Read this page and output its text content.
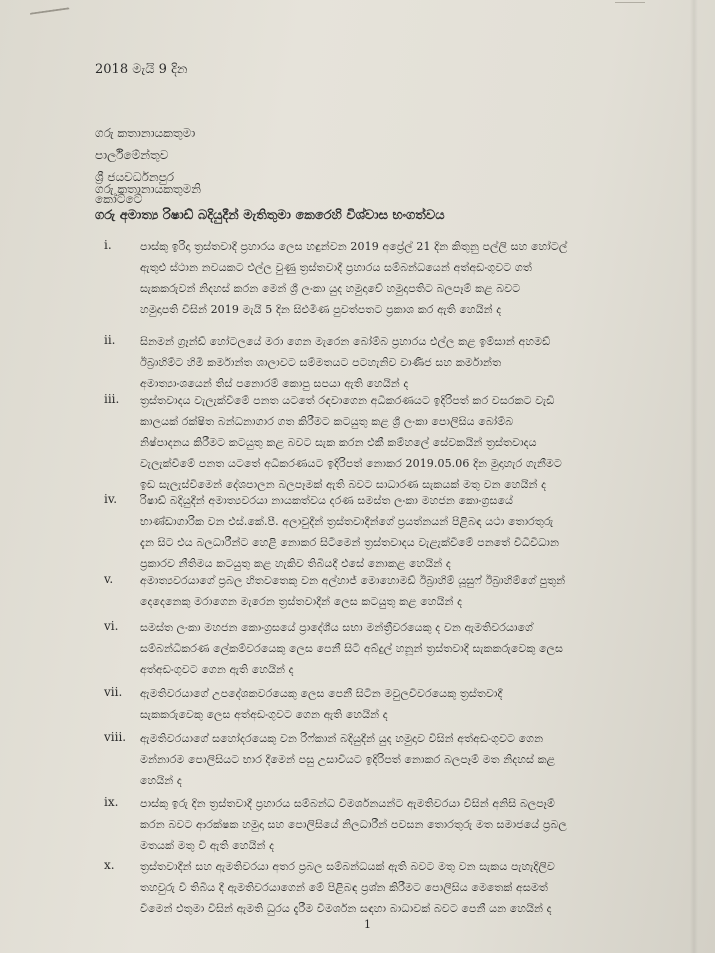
2018 මැයි 9 දින
ගරු කතානායකතුමා
පාර්ලිමේන්තුව
ශ්‍රී ජයවර්ධනපුර
කෝට්ටේ
ගරු කතානායකතුමනි
ගරු අමාත්‍ය රිෂාඩ් බදියුදීන් මැතිතුමා කෙරෙහි විශ්වාස භංගත්වය
i.	පාස්කු ඉරිදා ත්‍රස්තවාදී ප්‍රහාරය ලෙස හඳුන්වන 2019 අප්‍රේල් 21 දින කිතුනු පල්ලි සහ හෝටල්
ඇතුළු ස්ථාන නවයකට එල්ල වුණු ත්‍රස්තවාදී ප්‍රහාරය සම්බන්ධයෙන් අත්අඩංගුවට ගත්
සැකකරුවන් නිදහස් කරන මෙන් ශ්‍රී ලංකා යුද හමුදාවේ හමුදාපතිට බලපෑම් කළ බවට
හමුදාපති විසින් 2019 මැයි 5 දින සිළුමිණ පුවත්පතට ප්‍රකාශ කර ඇති හෙයින් ද
ii.	සිනමන් ග්‍රෑන්ඩ් හෝටලයේ මරා ගෙන මැරෙන බෝම්බ ප්‍රහාරය එල්ල කළ ඉම්සාන් අහමඩ්
ඊබ්‍රාහිම්ට හිමි කර්මාන්ත ශාලාවට සම්මතයට පටහැනිව වාණිජ සහ කර්මාන්ත
අමාත්‍යාංශයෙන් තිස් පනොරම් කොපු සපයා ඇති හෙයින් ද
iii.	ත්‍රස්තවාදය වැලැක්වීමේ පනත යටතේ රඳවාගෙන අධිකරණයට ඉදිරිපත් කර වසරකට වැඩි
කාලයක් රක්ෂිත බන්ධනාගාර ගත කිරීමට කටයුතු කළ ශ්‍රී ලංකා පොලිසිය බෝම්බ
නිෂ්පාදනය කිරීමට කටයුතු කළ බවට සැක කරන එකී කම්හලේ සේවකයින් ත්‍රස්තවාදය
වැලැක්වීමේ පනත යටතේ අධිකරණයට ඉදිරිපත් නොකර 2019.05.06 දින මුදාහැර ගැනීමට
ඉඩ සැලැස්වීමෙන් දේශපාලන බලපෑමක් ඇති බවට සාධාරණ සැකයක් මතු වන හෙයින් ද
iv.	රිෂාඩ් බදියුදීන් අමාත්‍යවරයා නායකත්වය දරණ සමස්ත ලංකා මහජන කොංග්‍රසයේ
භාණ්ඩාගාරික වන එස්.කේ.පී. අලාවුදීන් ත්‍රස්තවාදීන්ගේ ප්‍රයත්නයන් පිළිබඳ යථා තොරතුරු
දැන සිට එය බලධාරීන්ට හෙළි නොකර සිටීමෙන් ත්‍රස්තවාදය වැළැක්වීමේ පනතේ විධිවිධාන
ප්‍රකාරව නීතිමය කටයුතු කළ හැකිව තිබියදී එසේ නොකළ හෙයින් ද
v.	අමාත්‍යවරයාගේ ප්‍රබල හිතවතෙකු වන අල්හාජ් මොහොමඩ් ඊබ්‍රාහිම් යූසුෆ් ඊබ්‍රාහිම්ගේ පුතුන්
දෙදෙනෙකු මරාගෙන මැරෙන ත්‍රස්තවාදීන් ලෙස කටයුතු කළ හෙයින් ද
vi.	සමස්ත ලංකා මහජන කොංග්‍රසයේ ප්‍රාදේශීය සභා මන්ත්‍රීවරයෙකු ද වන ඇමතිවරයාගේ
සම්බන්ධිකරණ ලේකම්වරයෙකු ලෙස පෙනී සිටි අබ්දුල් හනූන් ත්‍රස්තවාදී සැකකරුවෙකු ලෙස
අත්අඩංගුවට ගෙන ඇති හෙයින් ද
vii.	ඇමතිවරයාගේ උපදේශකවරයෙකු ලෙස පෙනී සිටින මවුලවිවරයෙකු ත්‍රස්තවාදී
සැකකරුවෙකු ලෙස අත්අඩංගුවට ගෙන ඇති හෙයින් ද
viii.	ඇමතිවරයාගේ සහෝදරයෙකු වන රිෆ්කාන් බදියුදීන් යුද හමුදාව විසින් අත්අඩංගුවට ගෙන
මන්නාරම පොලිසියට භාර දීමෙන් පසු උසාවියට ඉදිරිපත් නොකර බලපෑම් මත නිදහස් කළ
හෙයින් ද
ix.	පාස්කු ඉරු දින ත්‍රස්තවාදී ප්‍රහාරය සම්බන්ධ විමර්ශනයන්ට ඇමතිවරයා විසින් අනිසි බලපෑම්
කරන බවට ආරක්ෂක හමුදා සහ පොලිසියේ නිලධාරීන් පවසන තොරතුරු මත සමාජයේ ප්‍රබල
මතයක් මතු වී ඇති හෙයින් ද
x.	ත්‍රස්තවාදීන් සහ ඇමතිවරයා අතර ප්‍රබල සම්බන්ධයක් ඇති බවට මතු වන සැකය පැහැදිලිව
තහවුරු වී තිබිය දී ඇමතිවරයාගෙන් මේ පිළිබඳ ප්‍රශ්න කිරීමට පොලිසිය මෙතෙක් අසමත්
වීමෙන් එතුමා විසින් ඇමති ධුරය දැරීම විමර්ශන සඳහා බාධාවක් බවට පෙනී යන හෙයින් ද
1
